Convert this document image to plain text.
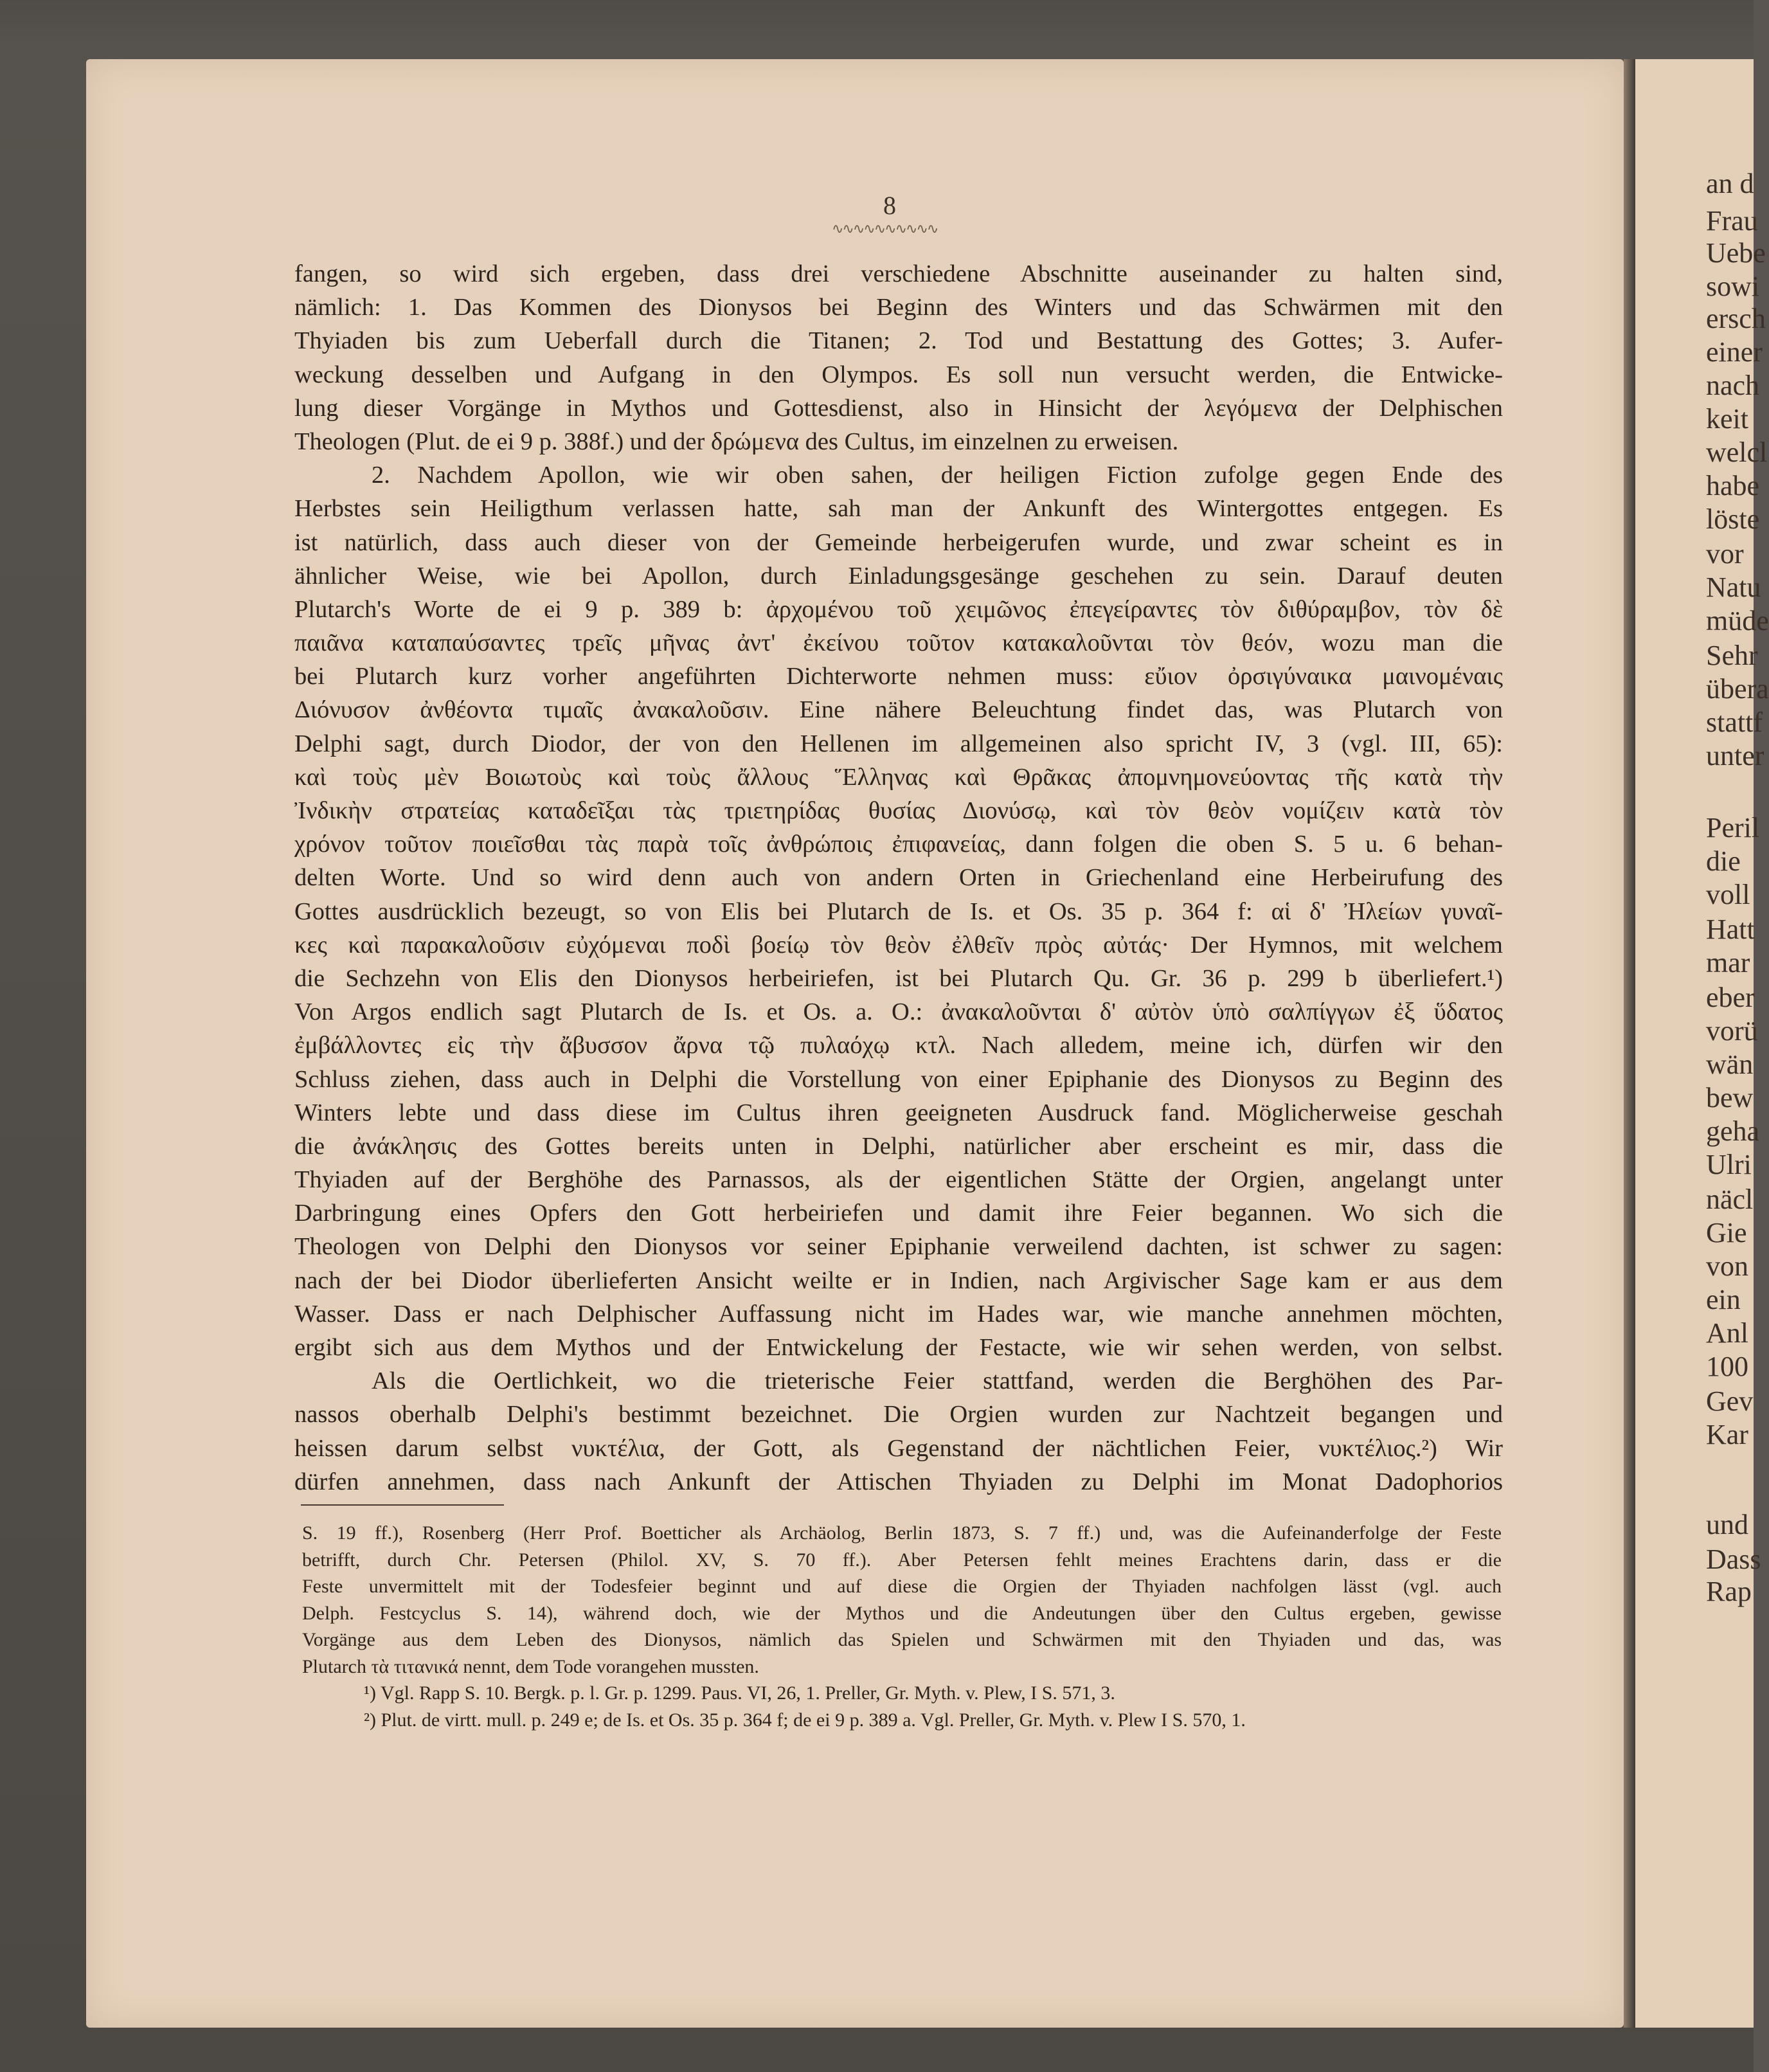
an d
Frau
Uebe
sowi
ersch
einer
nach
keit
welcl
habe
löste
vor
Natu
müde
Sehr
übera
stattf
unter
Peril
die
voll
Hatt
mar
eber
vorü
wän
bew
geha
Ulri
näcl
Gie
von
ein
Anl
100
Gev
Kar
und
Dass
Rap
8
∿∿∿∿∿∿∿∿∿∿
fangen, so wird sich ergeben, dass drei verschiedene Abschnitte auseinander zu halten sind,
nämlich: 1. Das Kommen des Dionysos bei Beginn des Winters und das Schwärmen mit den
Thyiaden bis zum Ueberfall durch die Titanen; 2. Tod und Bestattung des Gottes; 3. Aufer-
weckung desselben und Aufgang in den Olympos. Es soll nun versucht werden, die Entwicke-
lung dieser Vorgänge in Mythos und Gottesdienst, also in Hinsicht der λεγόμενα der Delphischen
Theologen (Plut. de ei 9 p. 388f.) und der δρώμενα des Cultus, im einzelnen zu erweisen.
2. Nachdem Apollon, wie wir oben sahen, der heiligen Fiction zufolge gegen Ende des
Herbstes sein Heiligthum verlassen hatte, sah man der Ankunft des Wintergottes entgegen. Es
ist natürlich, dass auch dieser von der Gemeinde herbeigerufen wurde, und zwar scheint es in
ähnlicher Weise, wie bei Apollon, durch Einladungsgesänge geschehen zu sein. Darauf deuten
Plutarch's Worte de ei 9 p. 389 b: ἀρχομένου τοῦ χειμῶνος ἐπεγείραντες τὸν διθύραμβον, τὸν δὲ
παιᾶνα καταπαύσαντες τρεῖς μῆνας ἀντ' ἐκείνου τοῦτον κατακαλοῦνται τὸν θεόν, wozu man die
bei Plutarch kurz vorher angeführten Dichterworte nehmen muss: εὔιον ὀρσιγύναικα μαινομέναις
Διόνυσον ἀνθέοντα τιμαῖς ἀνακαλοῦσιν. Eine nähere Beleuchtung findet das, was Plutarch von
Delphi sagt, durch Diodor, der von den Hellenen im allgemeinen also spricht IV, 3 (vgl. III, 65):
καὶ τοὺς μὲν Βοιωτοὺς καὶ τοὺς ἄλλους Ἕλληνας καὶ Θρᾶκας ἀπομνημονεύοντας τῆς κατὰ τὴν
Ἰνδικὴν στρατείας καταδεῖξαι τὰς τριετηρίδας θυσίας Διονύσῳ, καὶ τὸν θεὸν νομίζειν κατὰ τὸν
χρόνον τοῦτον ποιεῖσθαι τὰς παρὰ τοῖς ἀνθρώποις ἐπιφανείας, dann folgen die oben S. 5 u. 6 behan-
delten Worte. Und so wird denn auch von andern Orten in Griechenland eine Herbeirufung des
Gottes ausdrücklich bezeugt, so von Elis bei Plutarch de Is. et Os. 35 p. 364 f: αἱ δ' Ἠλείων γυναῖ-
κες καὶ παρακαλοῦσιν εὐχόμεναι ποδὶ βοείῳ τὸν θεὸν ἐλθεῖν πρὸς αὐτάς· Der Hymnos, mit welchem
die Sechzehn von Elis den Dionysos herbeiriefen, ist bei Plutarch Qu. Gr. 36 p. 299 b überliefert.¹)
Von Argos endlich sagt Plutarch de Is. et Os. a. O.: ἀνακαλοῦνται δ' αὐτὸν ὑπὸ σαλπίγγων ἐξ ὕδατος
ἐμβάλλοντες εἰς τὴν ἄβυσσον ἄρνα τῷ πυλαόχῳ κτλ. Nach alledem, meine ich, dürfen wir den
Schluss ziehen, dass auch in Delphi die Vorstellung von einer Epiphanie des Dionysos zu Beginn des
Winters lebte und dass diese im Cultus ihren geeigneten Ausdruck fand. Möglicherweise geschah
die ἀνάκλησις des Gottes bereits unten in Delphi, natürlicher aber erscheint es mir, dass die
Thyiaden auf der Berghöhe des Parnassos, als der eigentlichen Stätte der Orgien, angelangt unter
Darbringung eines Opfers den Gott herbeiriefen und damit ihre Feier begannen. Wo sich die
Theologen von Delphi den Dionysos vor seiner Epiphanie verweilend dachten, ist schwer zu sagen:
nach der bei Diodor überlieferten Ansicht weilte er in Indien, nach Argivischer Sage kam er aus dem
Wasser. Dass er nach Delphischer Auffassung nicht im Hades war, wie manche annehmen möchten,
ergibt sich aus dem Mythos und der Entwickelung der Festacte, wie wir sehen werden, von selbst.
Als die Oertlichkeit, wo die trieterische Feier stattfand, werden die Berghöhen des Par-
nassos oberhalb Delphi's bestimmt bezeichnet. Die Orgien wurden zur Nachtzeit begangen und
heissen darum selbst νυκτέλια, der Gott, als Gegenstand der nächtlichen Feier, νυκτέλιος.²) Wir
dürfen annehmen, dass nach Ankunft der Attischen Thyiaden zu Delphi im Monat Dadophorios
S. 19 ff.), Rosenberg (Herr Prof. Boetticher als Archäolog, Berlin 1873, S. 7 ff.) und, was die Aufeinanderfolge der Feste
betrifft, durch Chr. Petersen (Philol. XV, S. 70 ff.). Aber Petersen fehlt meines Erachtens darin, dass er die
Feste unvermittelt mit der Todesfeier beginnt und auf diese die Orgien der Thyiaden nachfolgen lässt (vgl. auch
Delph. Festcyclus S. 14), während doch, wie der Mythos und die Andeutungen über den Cultus ergeben, gewisse
Vorgänge aus dem Leben des Dionysos, nämlich das Spielen und Schwärmen mit den Thyiaden und das, was
Plutarch τὰ τιτανικά nennt, dem Tode vorangehen mussten.
¹) Vgl. Rapp S. 10. Bergk. p. l. Gr. p. 1299. Paus. VI, 26, 1. Preller, Gr. Myth. v. Plew, I S. 571, 3.
²) Plut. de virtt. mull. p. 249 e; de Is. et Os. 35 p. 364 f; de ei 9 p. 389 a. Vgl. Preller, Gr. Myth. v. Plew I S. 570, 1.
